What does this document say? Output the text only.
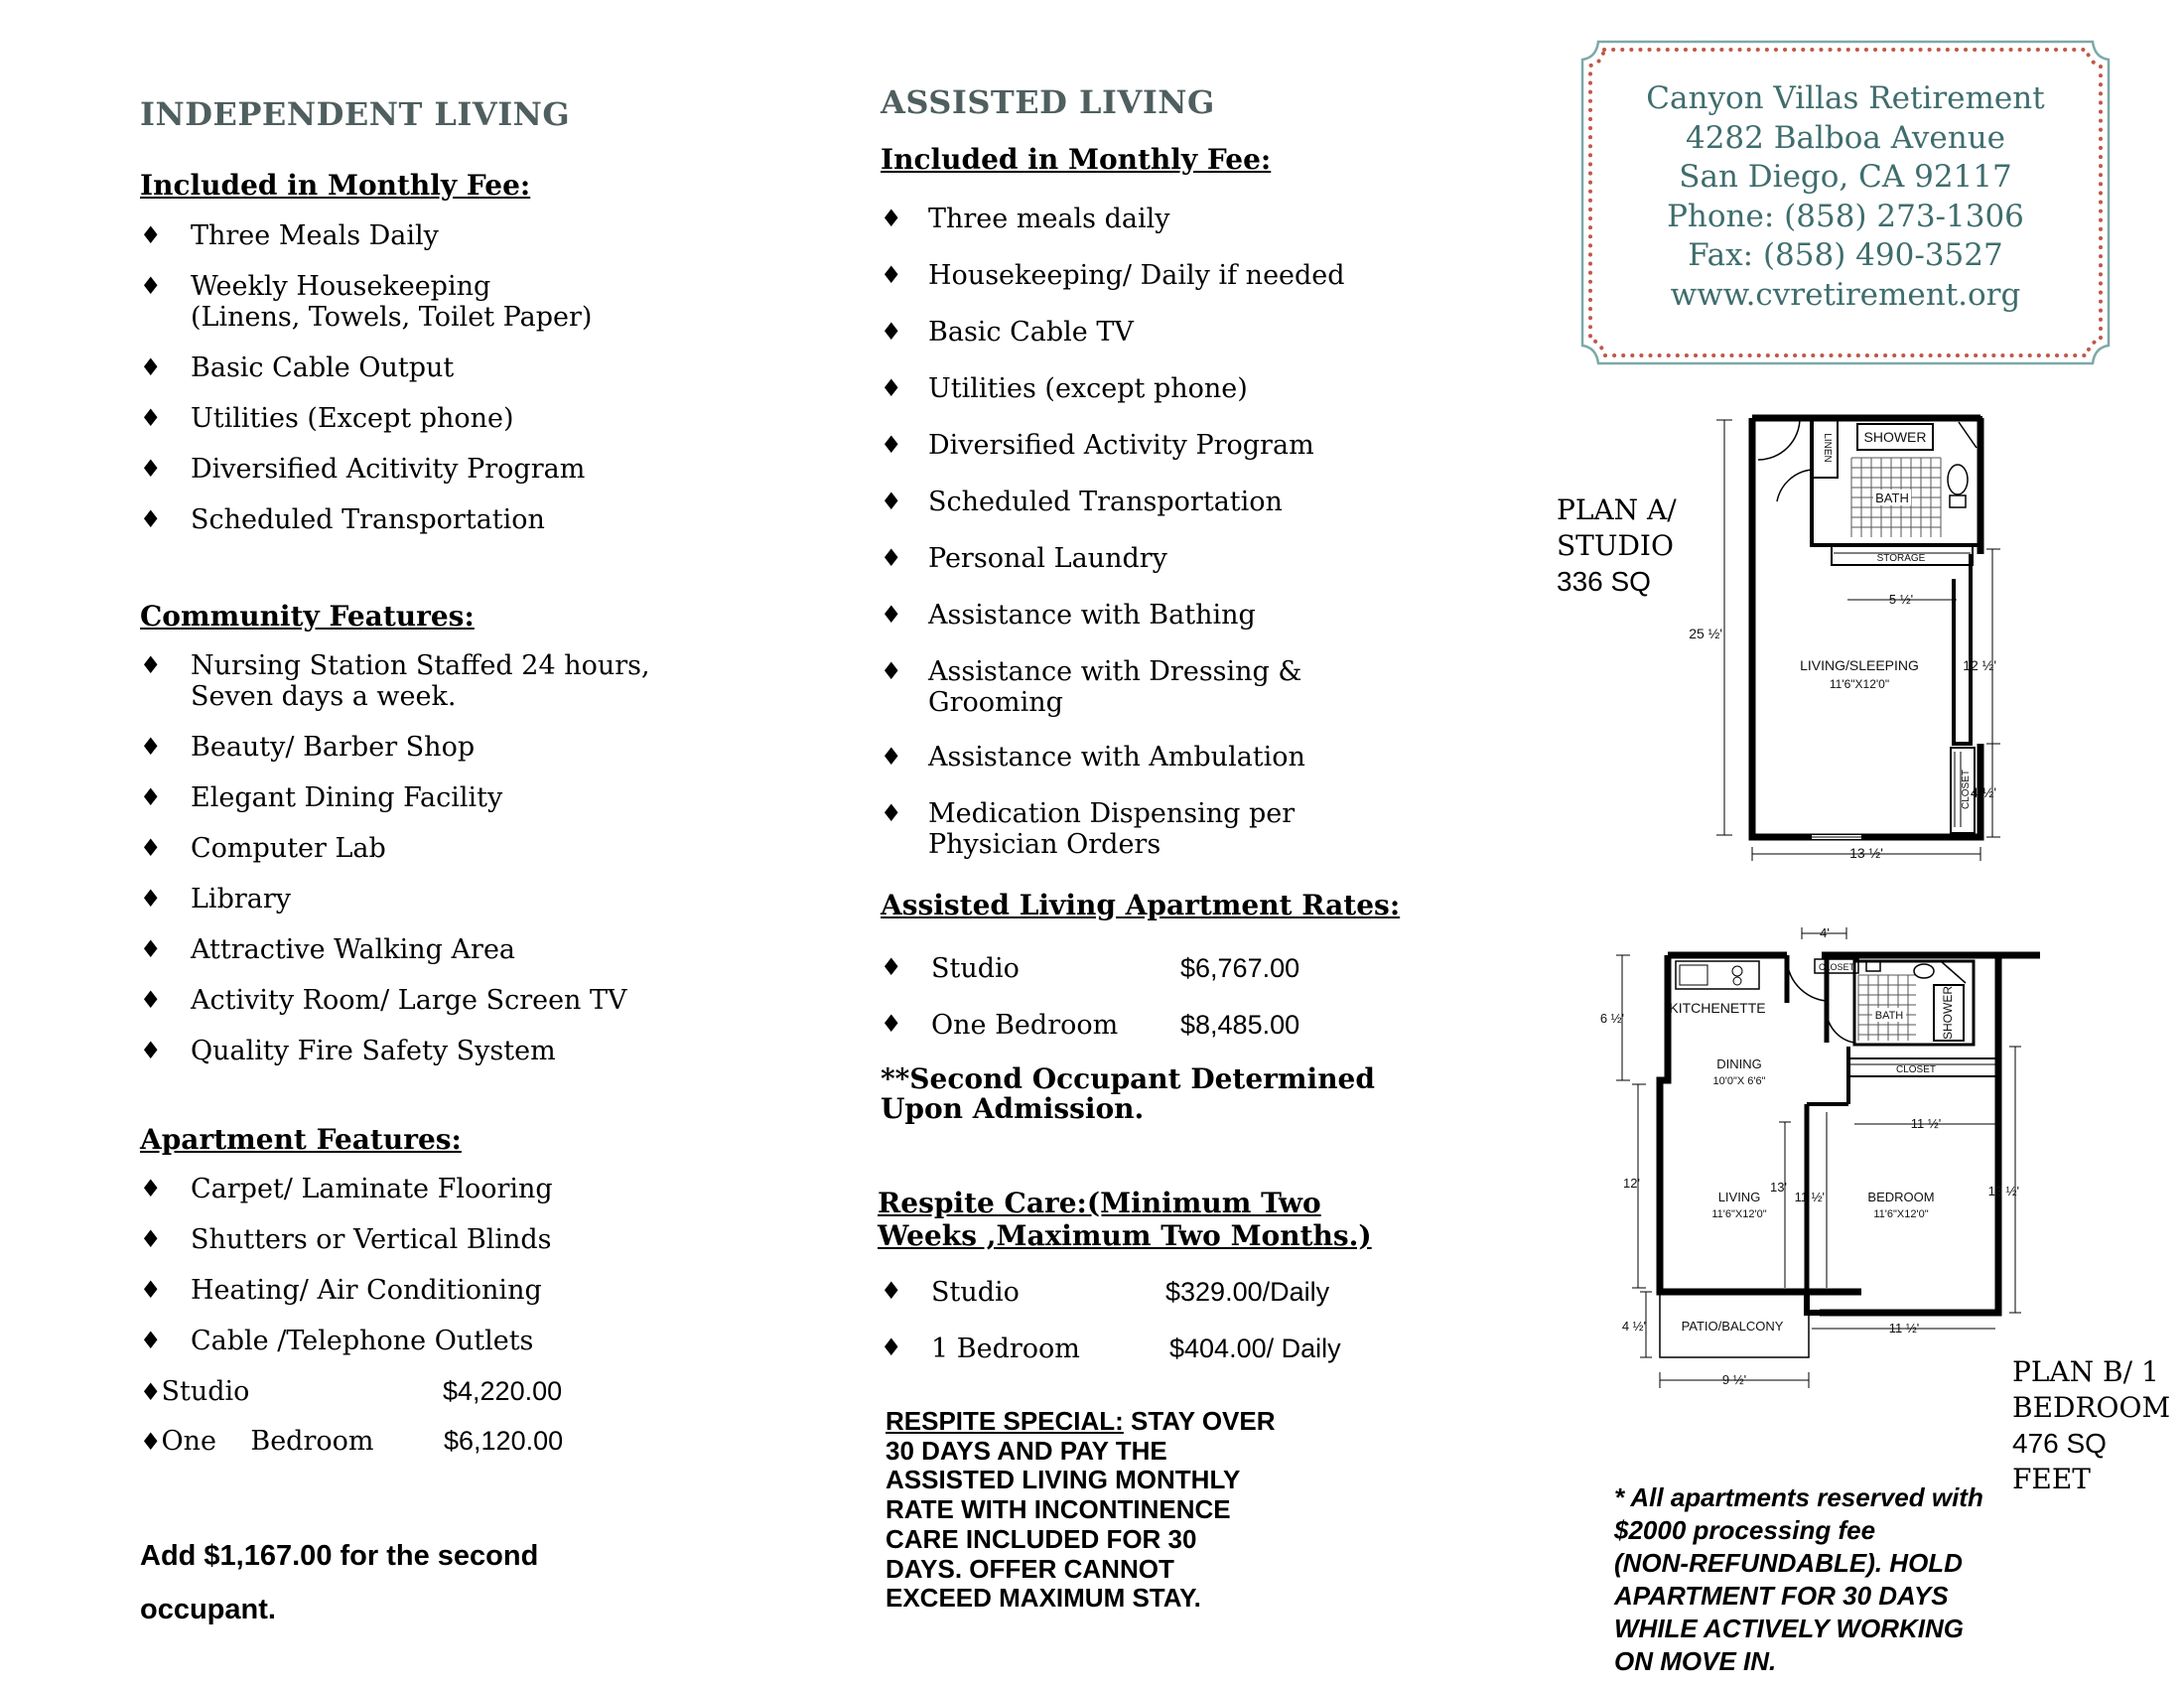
INDEPENDENT LIVING
Included in Monthly Fee:
♦ Three Meals Daily
♦ Weekly Housekeeping
(Linens, Towels, Toilet Paper)
♦ Basic Cable Output
♦ Utilities (Except phone)
♦ Diversified Acitivity Program
♦ Scheduled Transportation
Community Features:
♦ Nursing Station Staffed 24 hours,
Seven days a week.
♦ Beauty/ Barber Shop
♦ Elegant Dining Facility
♦ Computer Lab
♦ Library
♦ Attractive Walking Area
♦ Activity Room/ Large Screen TV
♦ Quality Fire Safety System
Apartment Features:
♦ Carpet/ Laminate Flooring
♦ Shutters or Vertical Blinds
♦ Heating/ Air Conditioning
♦ Cable /Telephone Outlets
♦Studio	$4,220.00
♦One    Bedroom	$6,120.00
Add $1,167.00 for the second
occupant.
ASSISTED LIVING
Included in Monthly Fee:
♦ Three meals daily
♦ Housekeeping/ Daily if needed
♦ Basic Cable TV
♦ Utilities (except phone)
♦ Diversified Activity Program
♦ Scheduled Transportation
♦ Personal Laundry
♦ Assistance with Bathing
♦ Assistance with Dressing &
Grooming
♦ Assistance with Ambulation
♦ Medication Dispensing per
Physician Orders
Assisted Living Apartment Rates:
♦ Studio	$6,767.00
♦ One Bedroom $8,485.00
**Second Occupant Determined
Upon Admission.
Respite Care:(Minimum Two
Weeks ,Maximum Two Months.)
♦ Studio	$329.00/Daily
♦ 1 Bedroom	$404.00/ Daily
RESPITE SPECIAL: STAY OVER
30 DAYS AND PAY THE
ASSISTED LIVING MONTHLY
RATE WITH INCONTINENCE
CARE INCLUDED FOR 30
DAYS. OFFER CANNOT
EXCEED MAXIMUM STAY.
Canyon Villas Retirement
4282 Balboa Avenue
San Diego, CA 92117
Phone: (858) 273-1306
Fax: (858) 490-3527
www.cvretirement.org
PLAN A/
STUDIO
336 SQ
LINEN SHOWER
BATH
STORAGE
5 ½'
25 ½'
13 ½'
12 ½'
4 ½'
LIVING/SLEEPING
11'6"X12'0"
CLOSET
KITCHENETTE
DINING
10'0"X 6'6"
LIVING
11'6"X12'0"
BEDROOM
11'6"X12'0"
CLOSET
BATH	SHOWER
CLOSET
PATIO/BALCONY
4'
6 ½'
12'	13'
11 ½'
11 ½'
13 ½'
11 ½'
4 ½'
9 ½'	PLAN B/ 1
BEDROOM
476 SQ
FEET
* All apartments reserved with
$2000 processing fee
(NON-REFUNDABLE). HOLD
APARTMENT FOR 30 DAYS
WHILE ACTIVELY WORKING
ON MOVE IN.
